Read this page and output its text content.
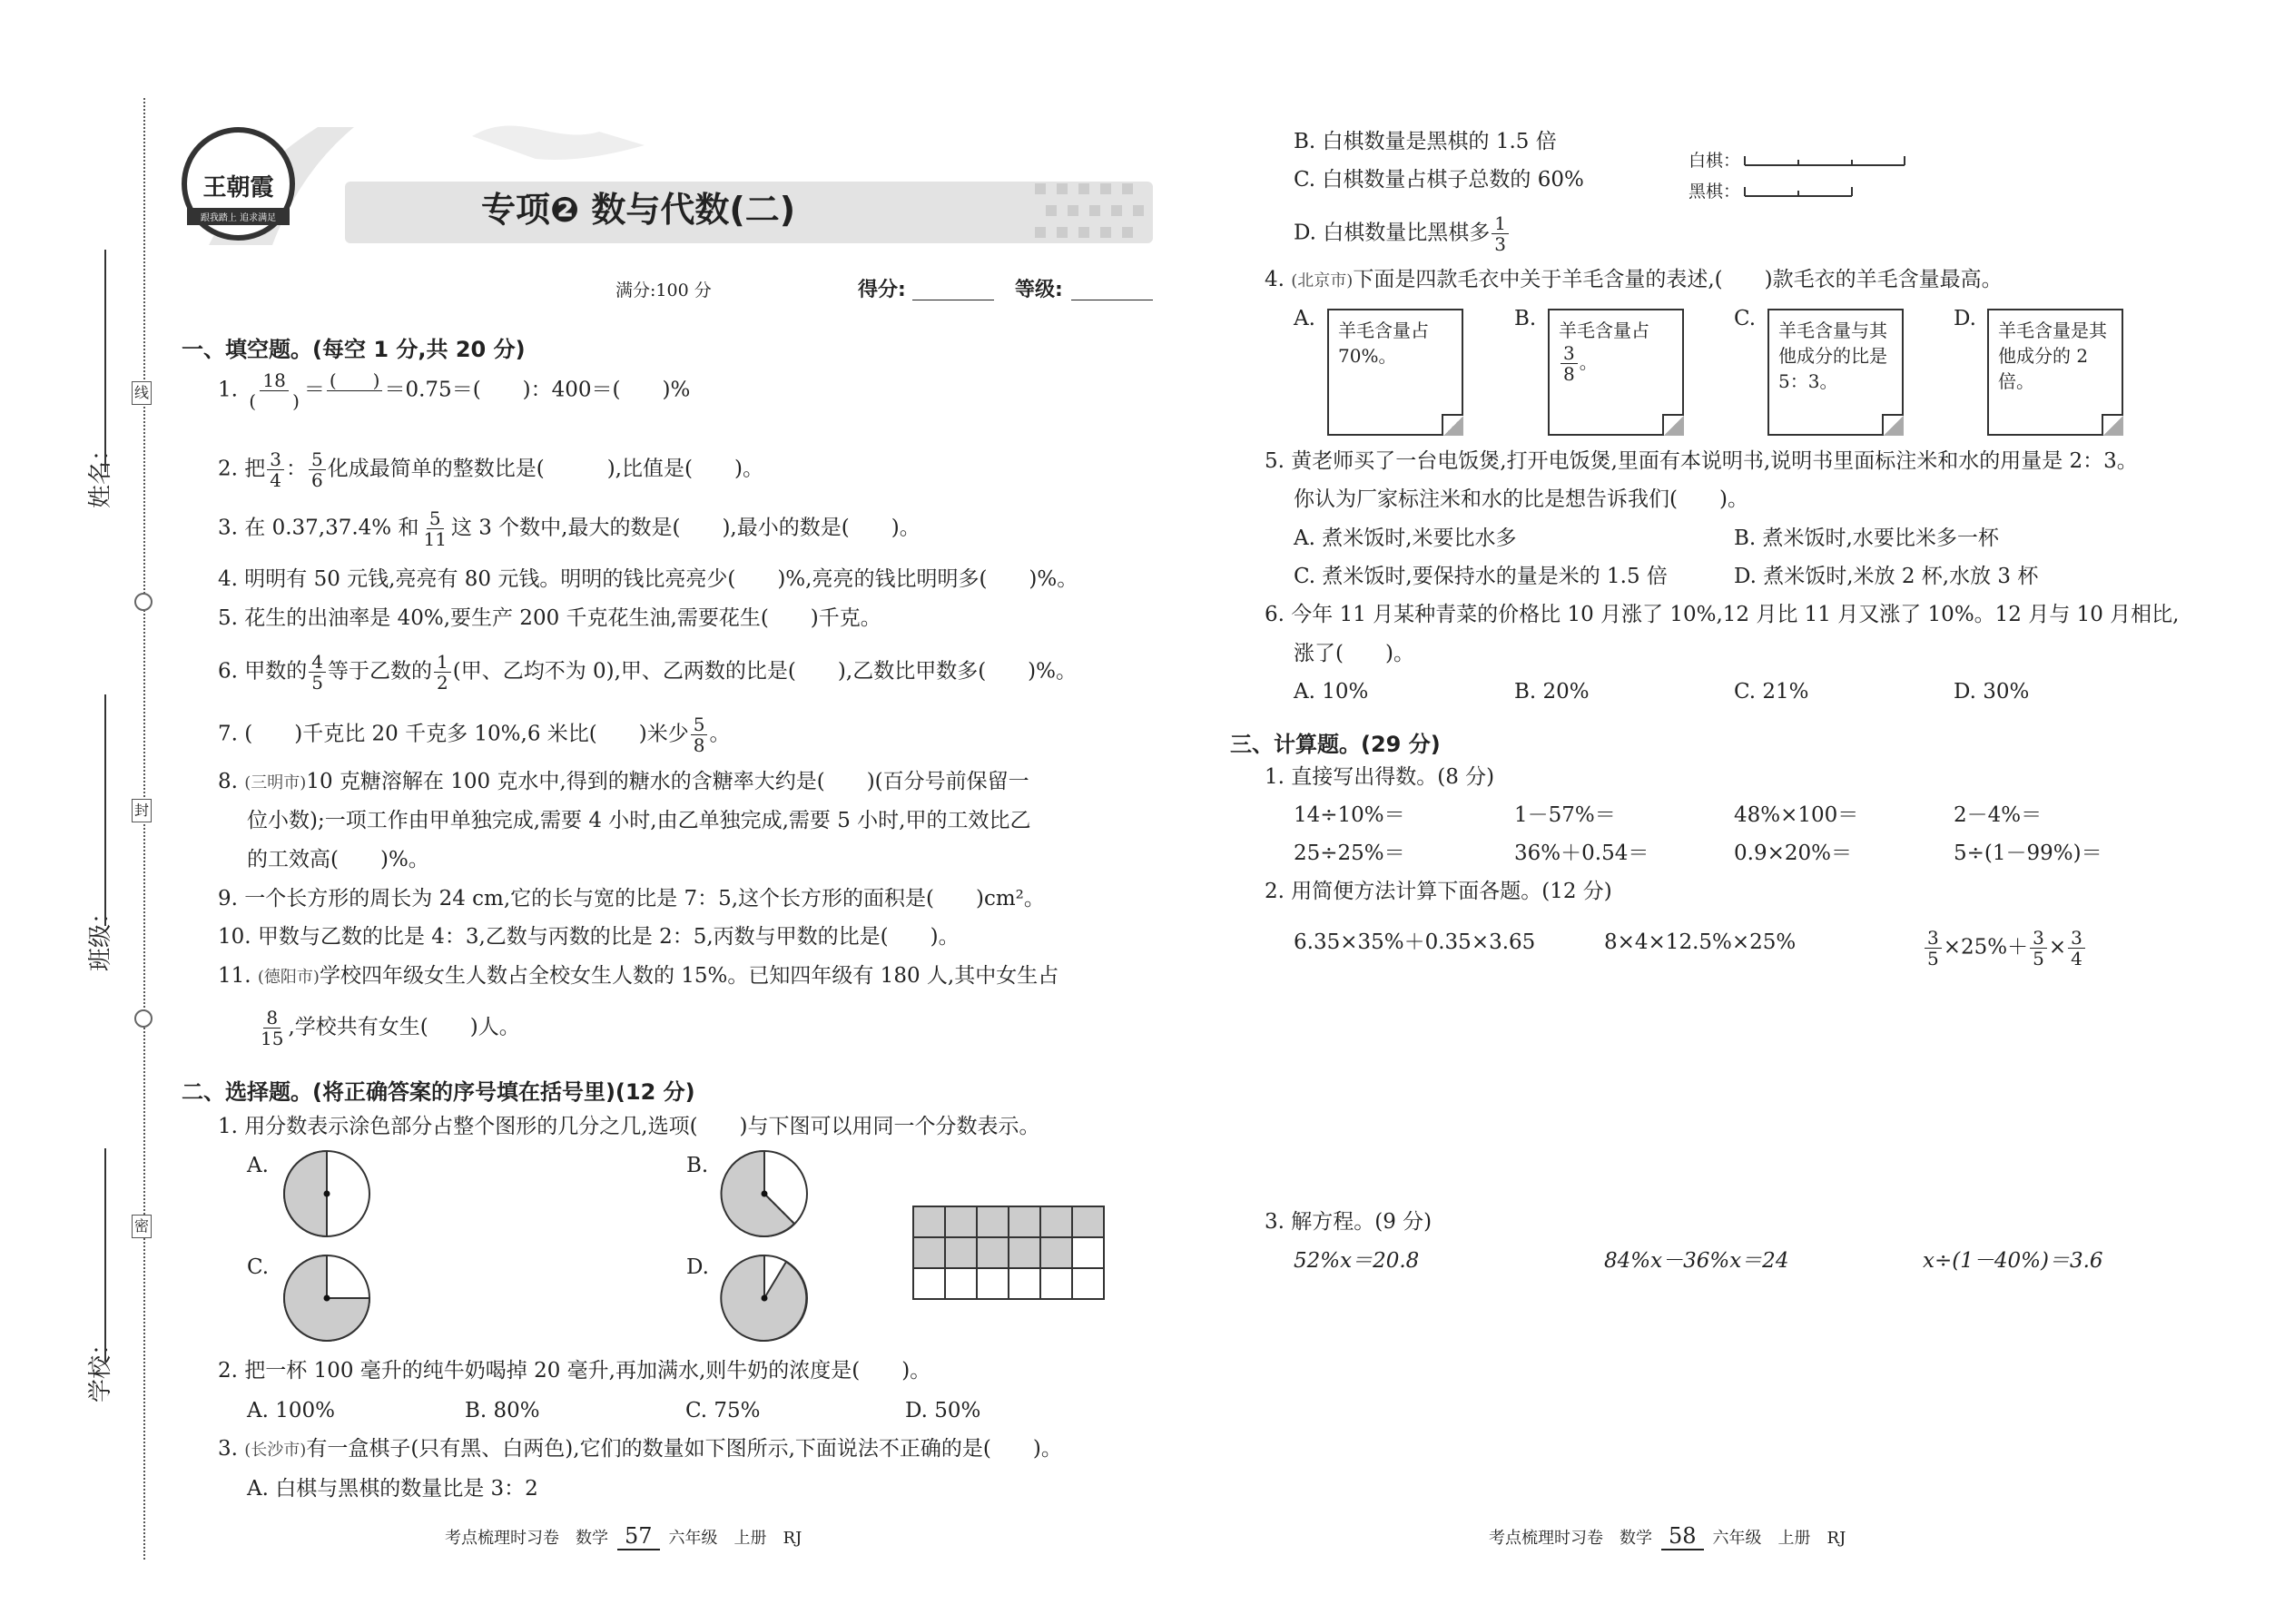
姓名：
班级：
学校：
线
封
密
王朝霞
跟我踏上 追求满足	专项❷ 数与代数(二)
满分:100 分	得分:	等级:
一、填空题。(每空 1 分,共 20 分)
1. 18
(　　) ＝ (　　)
＝0.75＝(　　)：400＝(　　)%
2. 把 $\frac{3}{4}$ ： $\frac{5}{6}$ 化成最简单的整数比是(　　　),比值是(　　)。
3. 在 0.37,37.4% 和 $\frac{5}{11}$ 这 3 个数中,最大的数是(　　),最小的数是(　　)。
4. 明明有 50 元钱,亮亮有 80 元钱。明明的钱比亮亮少(　　)%,亮亮的钱比明明多(　　)%。
5. 花生的出油率是 40%,要生产 200 千克花生油,需要花生(　　)千克。
6. 甲数的 $\frac{4}{5}$ 等于乙数的 $\frac{1}{2}$ (甲、乙均不为 0),甲、乙两数的比是(　　),乙数比甲数多(　　)%。
7. (　　)千克比 20 千克多 10%,6 米比(　　)米少 $\frac{5}{8}$ 。
8. (三明市)10 克糖溶解在 100 克水中,得到的糖水的含糖率大约是(　　)(百分号前保留一
位小数);一项工作由甲单独完成,需要 4 小时,由乙单独完成,需要 5 小时,甲的工效比乙
的工效高(　　)%。
9. 一个长方形的周长为 24 cm,它的长与宽的比是 7：5,这个长方形的面积是(　　)cm²。
10. 甲数与乙数的比是 4：3,乙数与丙数的比是 2：5,丙数与甲数的比是(　　)。
11. (德阳市)学校四年级女生人数占全校女生人数的 15%。已知四年级有 180 人,其中女生占
$\frac{8}{15}$ ,学校共有女生(　　)人。
二、选择题。(将正确答案的序号填在括号里)(12 分)
1. 用分数表示涂色部分占整个图形的几分之几,选项(　　)与下图可以用同一个分数表示。
A.	B.
C.	D.

2. 把一杯 100 毫升的纯牛奶喝掉 20 毫升,再加满水,则牛奶的浓度是(　　)。
A. 100%	B. 80%	C. 75%	D. 50%
3. (长沙市)有一盒棋子(只有黑、白两色),它们的数量如下图所示,下面说法不正确的是(　　)。
A. 白棋与黑棋的数量比是 3：2
B. 白棋数量是黑棋的 1.5 倍
C. 白棋数量占棋子总数的 60%
D. 白棋数量比黑棋多 $\frac{1}{3}$
白棋：
黑棋：
4. (北京市)下面是四款毛衣中关于羊毛含量的表述,(　　)款毛衣的羊毛含量最高。
A.	羊毛含量占 70%。
B. 羊毛含量占
$\frac{3}{8}$ 。
C.	羊毛含量与其他成分的比是 5：3。
D.	羊毛含量是其他成分的 2 倍。
5. 黄老师买了一台电饭煲,打开电饭煲,里面有本说明书,说明书里面标注米和水的用量是 2：3。
你认为厂家标注米和水的比是想告诉我们(　　)。
A. 煮米饭时,米要比水多	B. 煮米饭时,水要比米多一杯
C. 煮米饭时,要保持水的量是米的 1.5 倍	D. 煮米饭时,米放 2 杯,水放 3 杯
6. 今年 11 月某种青菜的价格比 10 月涨了 10%,12 月比 11 月又涨了 10%。12 月与 10 月相比,
涨了(　　)。
A. 10%	B. 20%	C. 21%	D. 30%
三、计算题。(29 分)
1. 直接写出得数。(8 分)
14÷10%＝	1－57%＝	48%×100＝	2－4%＝
25÷25%＝	36%＋0.54＝	0.9×20%＝	5÷(1－99%)＝
2. 用简便方法计算下面各题。(12 分)
6.35×35%＋0.35×3.65	8×4×12.5%×25%	$\frac{3}{5} \times 25\%+ \frac{3}{5} \times \frac{3}{4}$
3. 解方程。(9 分)
52%x＝20.8	84%x－36%x＝24	x÷(1－40%)＝3.6
考点梳理时习卷　数学 57 六年级　上册　RJ	考点梳理时习卷　数学 58 六年级　上册　RJ
